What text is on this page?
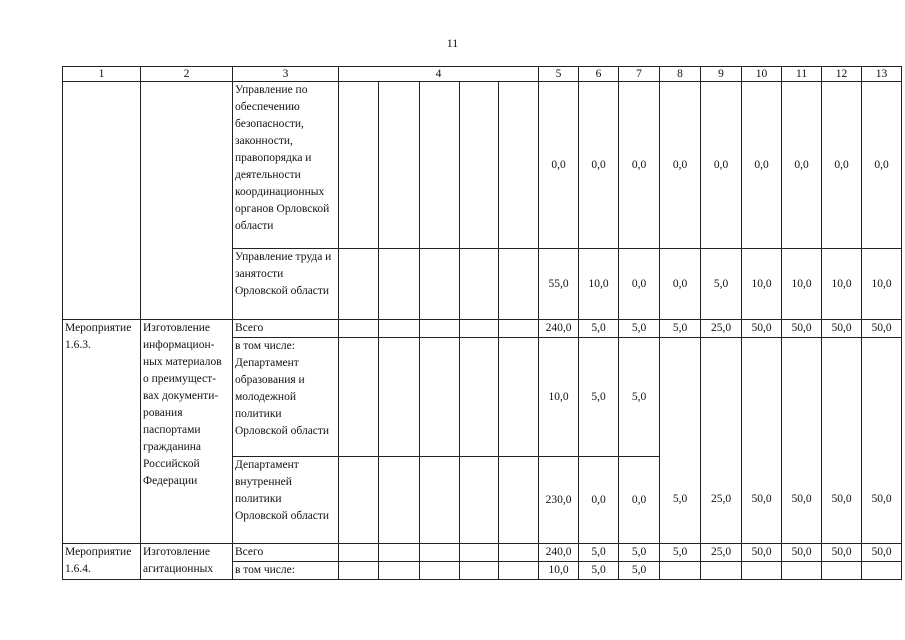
11
1	2	3	4					5	6	7	8	9	10	11	12	13
		Управление по обеспечению безопасности, законности, правопорядка и деятельности координационных органов Орловской области						0,0	0,0	0,0	0,0	0,0	0,0	0,0	0,0	0,0
		Управление труда и занятости Орловской области						55,0	10,0	0,0	0,0	5,0	10,0	10,0	10,0	10,0
Мероприятие 1.6.3.	Изготовление информацион-ных материалов о преимущест-вах документи-рования паспортами гражданина Российской Федерации	Всего						240,0	5,0	5,0	5,0	25,0	50,0	50,0	50,0	50,0
		в том числе: Департамент образования и молодежной политики Орловской области						10,0	5,0	5,0						
		Департамент внутренней политики Орловской области						230,0	0,0	0,0	5,0	25,0	50,0	50,0	50,0	50,0
Мероприятие 1.6.4.	Изготовление агитационных	Всего						240,0	5,0	5,0	5,0	25,0	50,0	50,0	50,0	50,0
		в том числе:						10,0	5,0	5,0						
